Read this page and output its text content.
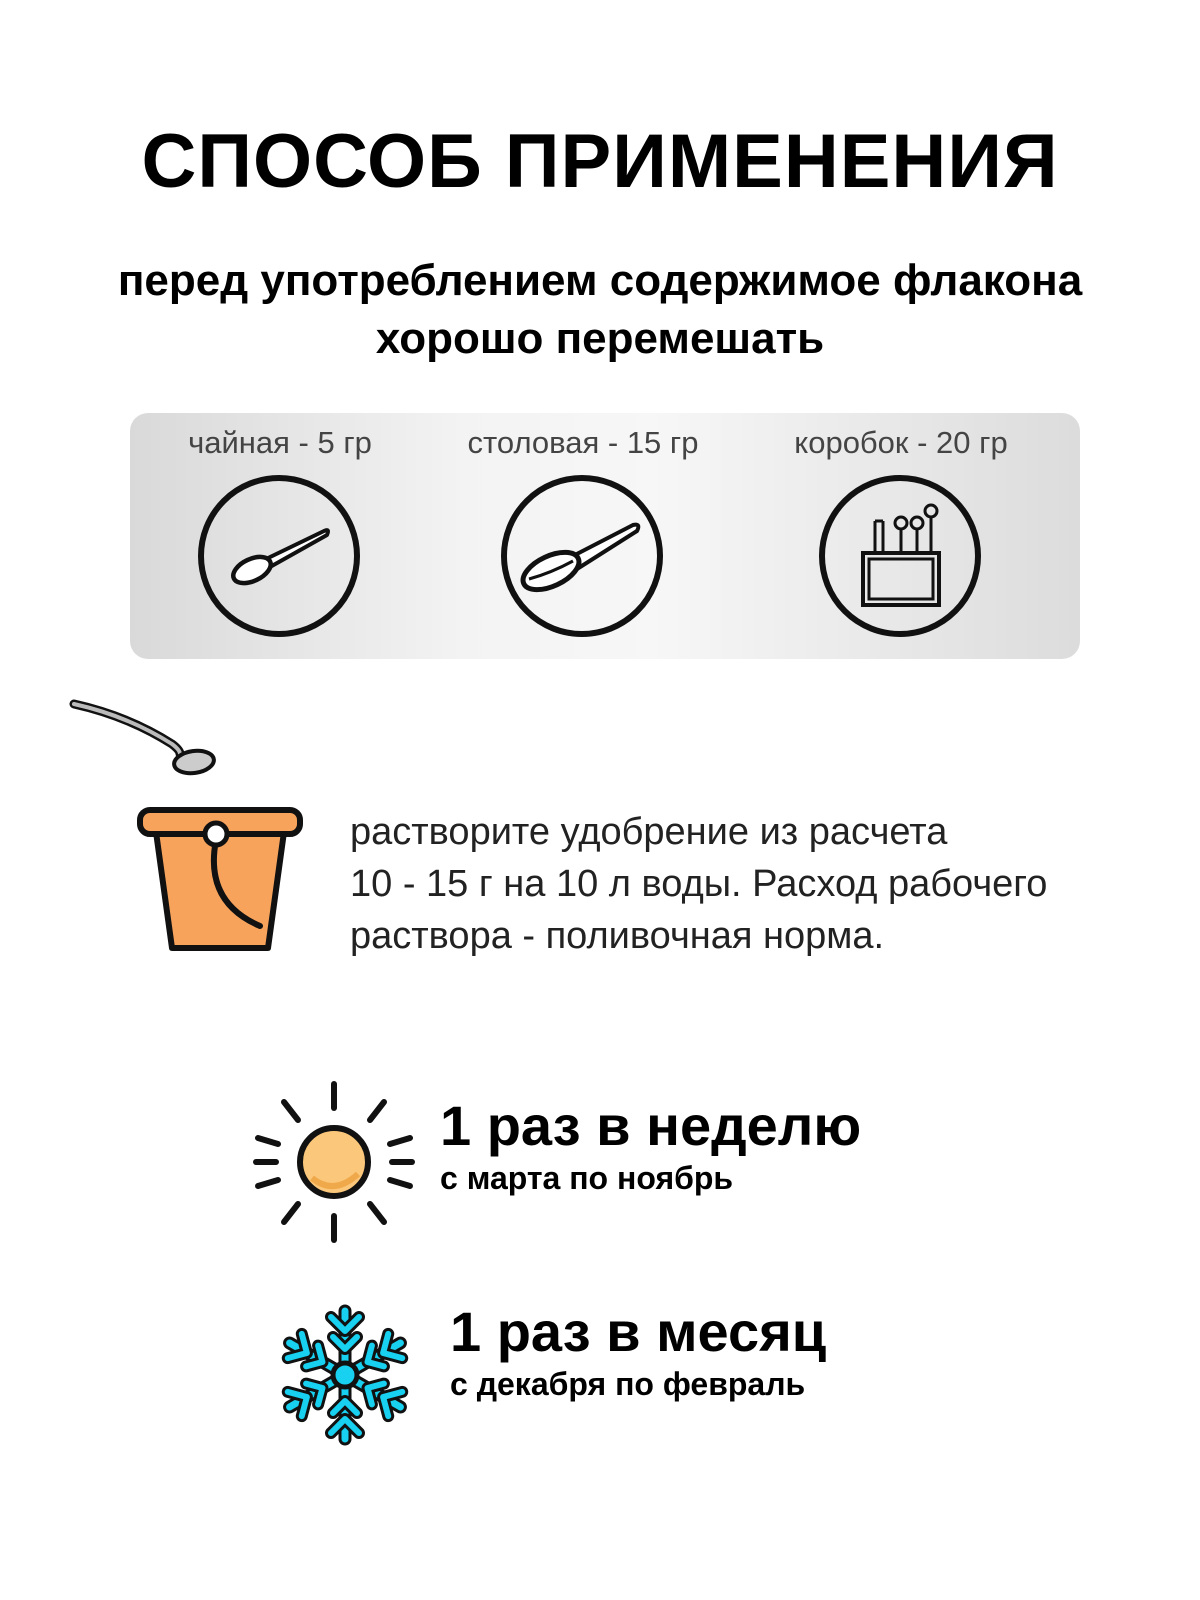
СПОСОБ ПРИМЕНЕНИЯ
перед употреблением содержимое флакона
хорошо перемешать
чайная - 5 гр	столовая - 15 гр	коробок - 20 гр
растворите удобрение из расчета
10 - 15 г на 10 л воды. Расход рабочего
раствора - поливочная норма.
1 раз в неделю
с марта по ноябрь
1 раз в месяц
с декабря по февраль
